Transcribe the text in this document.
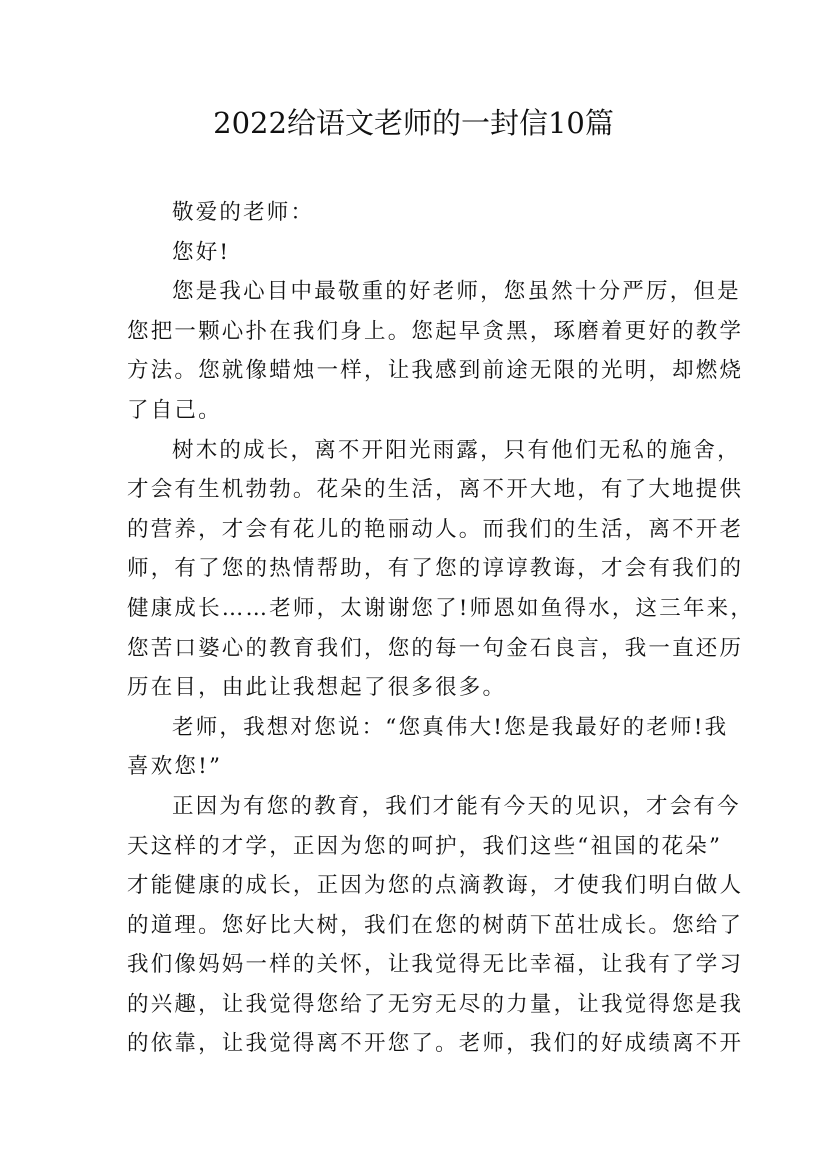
2022给语文老师的一封信10篇
敬爱的老师：
您好!
您是我心目中最敬重的好老师，您虽然十分严厉，但是
您把一颗心扑在我们身上。您起早贪黑，琢磨着更好的教学
方法。您就像蜡烛一样，让我感到前途无限的光明，却燃烧
了自己。
树木的成长，离不开阳光雨露，只有他们无私的施舍，
才会有生机勃勃。花朵的生活，离不开大地，有了大地提供
的营养，才会有花儿的艳丽动人。而我们的生活，离不开老
师，有了您的热情帮助，有了您的谆谆教诲，才会有我们的
健康成长……老师，太谢谢您了!师恩如鱼得水，这三年来，
您苦口婆心的教育我们，您的每一句金石良言，我一直还历
历在目，由此让我想起了很多很多。
老师，我想对您说：“您真伟大!您是我最好的老师!我
喜欢您!”
正因为有您的教育，我们才能有今天的见识，才会有今
天这样的才学，正因为您的呵护，我们这些“祖国的花朵”
才能健康的成长，正因为您的点滴教诲，才使我们明白做人
的道理。您好比大树，我们在您的树荫下茁壮成长。您给了
我们像妈妈一样的关怀，让我觉得无比幸福，让我有了学习
的兴趣，让我觉得您给了无穷无尽的力量，让我觉得您是我
的依靠，让我觉得离不开您了。老师，我们的好成绩离不开
